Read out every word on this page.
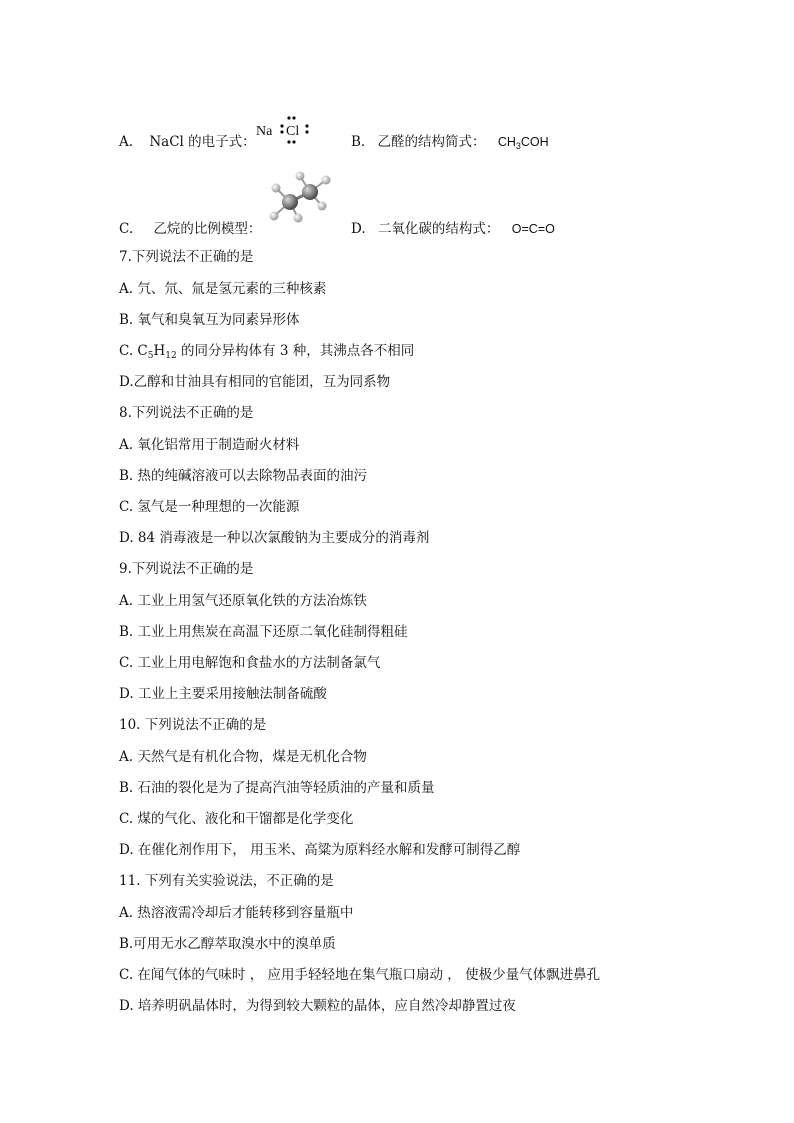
A. NaCl 的电子式：
Na Cl
B. 乙醛的结构简式： $CH_3COH$
C. 乙烷的比例模型：	D. 二氧化碳的结构式： O=C=O
7.下列说法不正确的是
A. 氕、氘、氚是氢元素的三种核素
B. 氧气和臭氧互为同素异形体
C. $C_5H_{12}$ 的同分异构体有 3 种，其沸点各不相同
D.乙醇和甘油具有相同的官能团，互为同系物
8.下列说法不正确的是
A. 氧化铝常用于制造耐火材料
B. 热的纯碱溶液可以去除物品表面的油污
C. 氢气是一种理想的一次能源
D. 84 消毒液是一种以次氯酸钠为主要成分的消毒剂
9.下列说法不正确的是
A. 工业上用氢气还原氧化铁的方法冶炼铁
B. 工业上用焦炭在高温下还原二氧化硅制得粗硅
C. 工业上用电解饱和食盐水的方法制备氯气
D. 工业上主要采用接触法制备硫酸
10. 下列说法不正确的是
A. 天然气是有机化合物，煤是无机化合物
B. 石油的裂化是为了提高汽油等轻质油的产量和质量
C. 煤的气化、液化和干馏都是化学变化
D. 在催化剂作用下， 用玉米、高粱为原料经水解和发酵可制得乙醇
11. 下列有关实验说法，不正确的是
A. 热溶液需冷却后才能转移到容量瓶中
B.可用无水乙醇萃取溴水中的溴单质
C. 在闻气体的气味时 ， 应用手轻轻地在集气瓶口扇动 ， 使极少量气体飘进鼻孔
D. 培养明矾晶体时，为得到较大颗粒的晶体，应自然冷却静置过夜
